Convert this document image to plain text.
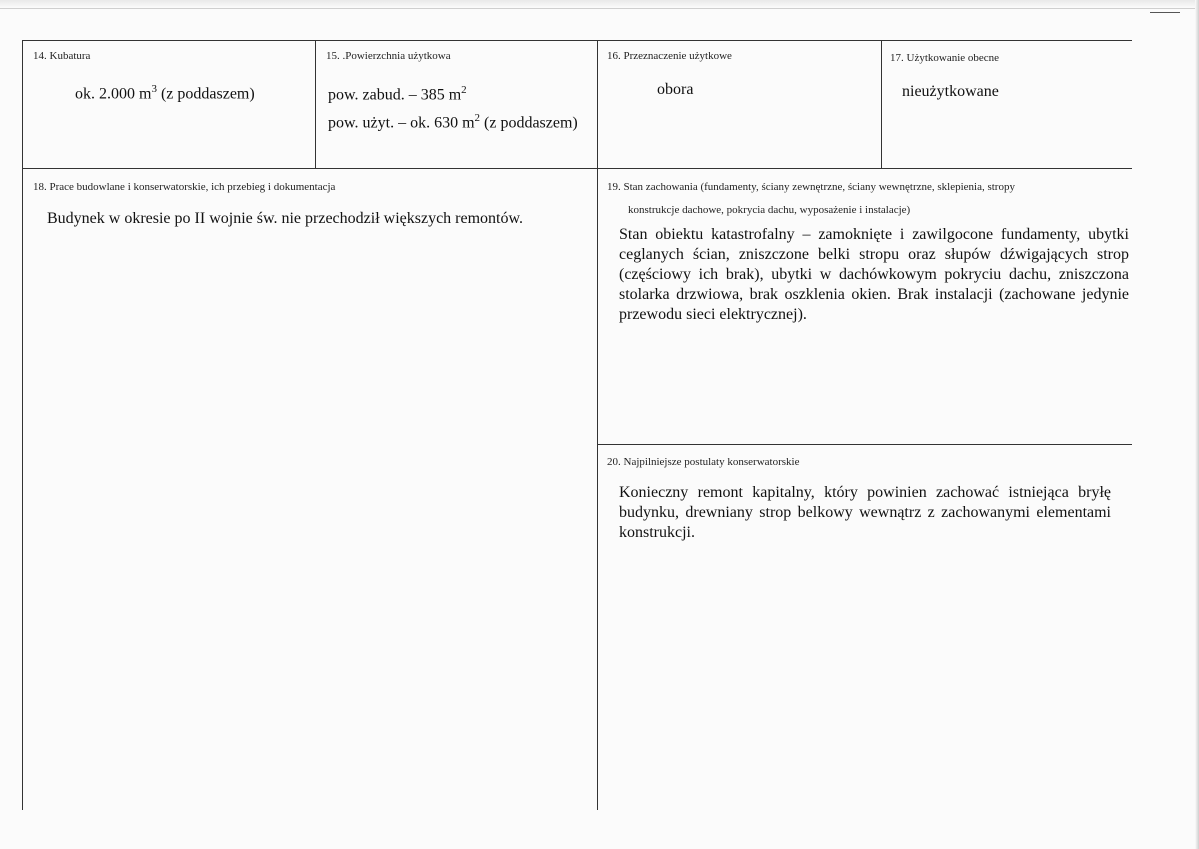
14. Kubatura
ok. 2.000 $m^3$ (z poddaszem)
15. .Powierzchnia użytkowa
pow. zabud. – 385 $m^2$
pow. użyt. – ok. 630 $m^2$ (z poddaszem)
16. Przeznaczenie użytkowe
obora
17. Użytkowanie obecne
nieużytkowane
18. Prace budowlane i konserwatorskie, ich przebieg i dokumentacja
Budynek w okresie po II wojnie św. nie przechodził większych remontów.
19. Stan zachowania (fundamenty, ściany zewnętrzne, ściany wewnętrzne, sklepienia, stropy
konstrukcje dachowe, pokrycia dachu, wyposażenie i instalacje)
Stan obiektu katastrofalny – zamoknięte i zawilgocone fundamenty, ubytki ceglanych ścian, zniszczone belki stropu oraz słupów dźwigających strop (częściowy ich brak), ubytki w dachówkowym pokryciu dachu, zniszczona stolarka drzwiowa, brak oszklenia okien. Brak instalacji (zachowane jedynie przewodu sieci elektrycznej).
20. Najpilniejsze postulaty konserwatorskie
Konieczny remont kapitalny, który powinien zachować istniejąca bryłę budynku, drewniany strop belkowy wewnątrz z zachowanymi elementami konstrukcji.
